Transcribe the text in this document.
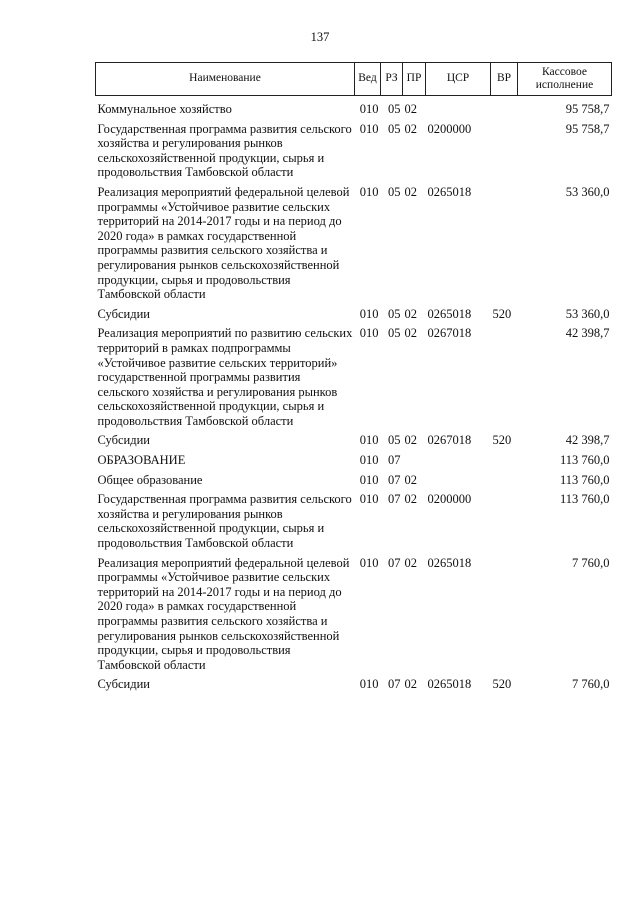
137
Наименование	Вед	РЗ	ПР	ЦСР	ВР	Кассовое исполнение
Коммунальное хозяйство	010	05	02			95 758,7
Государственная программа развития сельского хозяйства и регулирования рынков сельскохозяйственной продукции, сырья и продовольствия Тамбовской области	010	05	02	0200000		95 758,7
Реализация мероприятий федеральной целевой программы «Устойчивое развитие сельских территорий на 2014-2017 годы и на период до 2020 года» в рамках государственной программы развития сельского хозяйства и регулирования рынков сельскохозяйственной продукции, сырья и продовольствия Тамбовской области	010	05	02	0265018		53 360,0
Субсидии	010	05	02	0265018	520	53 360,0
Реализация мероприятий по развитию сельских территорий в рамках подпрограммы «Устойчивое развитие сельских территорий» государственной программы развития сельского хозяйства и регулирования рынков сельскохозяйственной продукции, сырья и продовольствия Тамбовской области	010	05	02	0267018		42 398,7
Субсидии	010	05	02	0267018	520	42 398,7
ОБРАЗОВАНИЕ	010	07				113 760,0
Общее образование	010	07	02			113 760,0
Государственная программа развития сельского хозяйства и регулирования рынков сельскохозяйственной продукции, сырья и продовольствия Тамбовской области	010	07	02	0200000		113 760,0
Реализация мероприятий федеральной целевой программы «Устойчивое развитие сельских территорий на 2014-2017 годы и на период до 2020 года» в рамках государственной программы развития сельского хозяйства и регулирования рынков сельскохозяйственной продукции, сырья и продовольствия Тамбовской области	010	07	02	0265018		7 760,0
Субсидии	010	07	02	0265018	520	7 760,0
